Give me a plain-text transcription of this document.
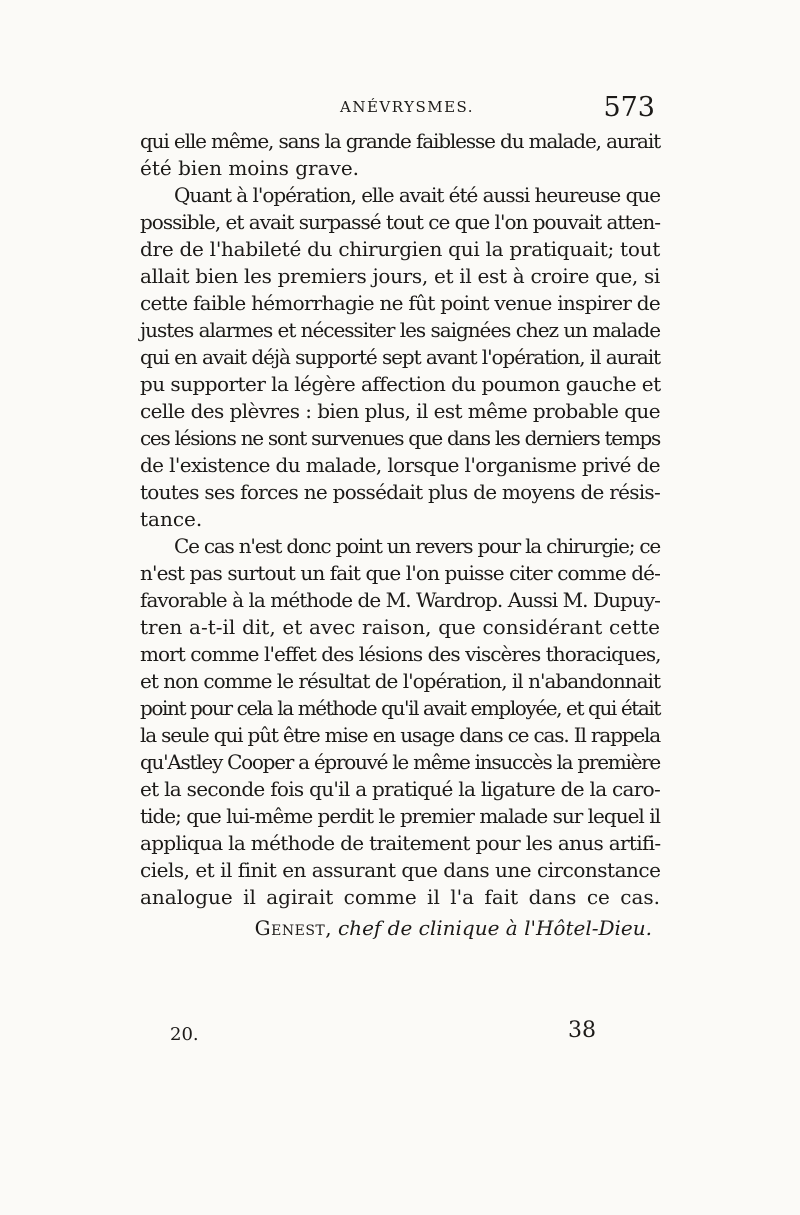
ANÉVRYSMES.	573
qui elle même, sans la grande faiblesse du malade, aurait
été bien moins grave.
Quant à l'opération, elle avait été aussi heureuse que
possible, et avait surpassé tout ce que l'on pouvait atten-
dre de l'habileté du chirurgien qui la pratiquait; tout
allait bien les premiers jours, et il est à croire que, si
cette faible hémorrhagie ne fût point venue inspirer de
justes alarmes et nécessiter les saignées chez un malade
qui en avait déjà supporté sept avant l'opération, il aurait
pu supporter la légère affection du poumon gauche et
celle des plèvres : bien plus, il est même probable que
ces lésions ne sont survenues que dans les derniers temps
de l'existence du malade, lorsque l'organisme privé de
toutes ses forces ne possédait plus de moyens de résis-
tance.
Ce cas n'est donc point un revers pour la chirurgie; ce
n'est pas surtout un fait que l'on puisse citer comme dé-
favorable à la méthode de M. Wardrop. Aussi M. Dupuy-
tren a-t-il dit, et avec raison, que considérant cette
mort comme l'effet des lésions des viscères thoraciques,
et non comme le résultat de l'opération, il n'abandonnait
point pour cela la méthode qu'il avait employée, et qui était
la seule qui pût être mise en usage dans ce cas. Il rappela
qu'Astley Cooper a éprouvé le même insuccès la première
et la seconde fois qu'il a pratiqué la ligature de la caro-
tide; que lui-même perdit le premier malade sur lequel il
appliqua la méthode de traitement pour les anus artifi-
ciels, et il finit en assurant que dans une circonstance
analogue il agirait comme il l'a fait dans ce cas.
Genest, chef de clinique à l'Hôtel-Dieu.
20.	38
